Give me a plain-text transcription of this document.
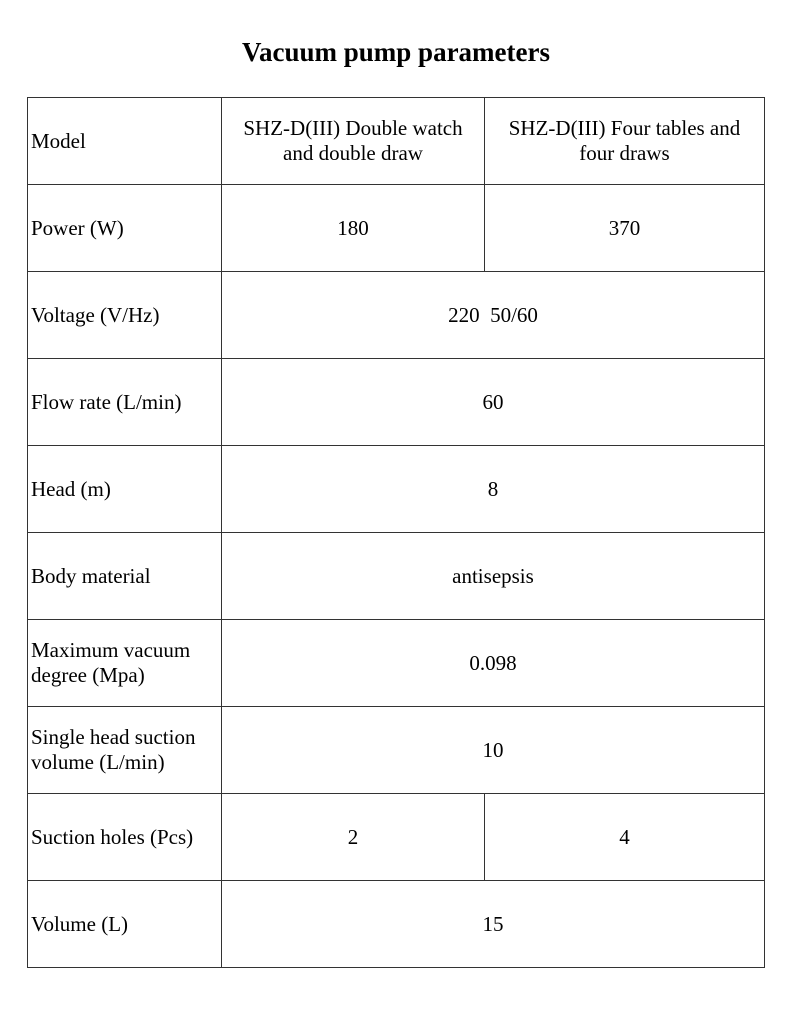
Vacuum pump parameters
Model	SHZ-D(III) Double watch and double draw	SHZ-D(III) Four tables and four draws
Power (W)	180	370
Voltage (V/Hz)	220  50/60	
Flow rate (L/min)	60	
Head (m)	8	
Body material	antisepsis	
Maximum vacuum degree (Mpa)	0.098	
Single head suction volume (L/min)	10	
Suction holes (Pcs)	2	4
Volume (L)	15	
